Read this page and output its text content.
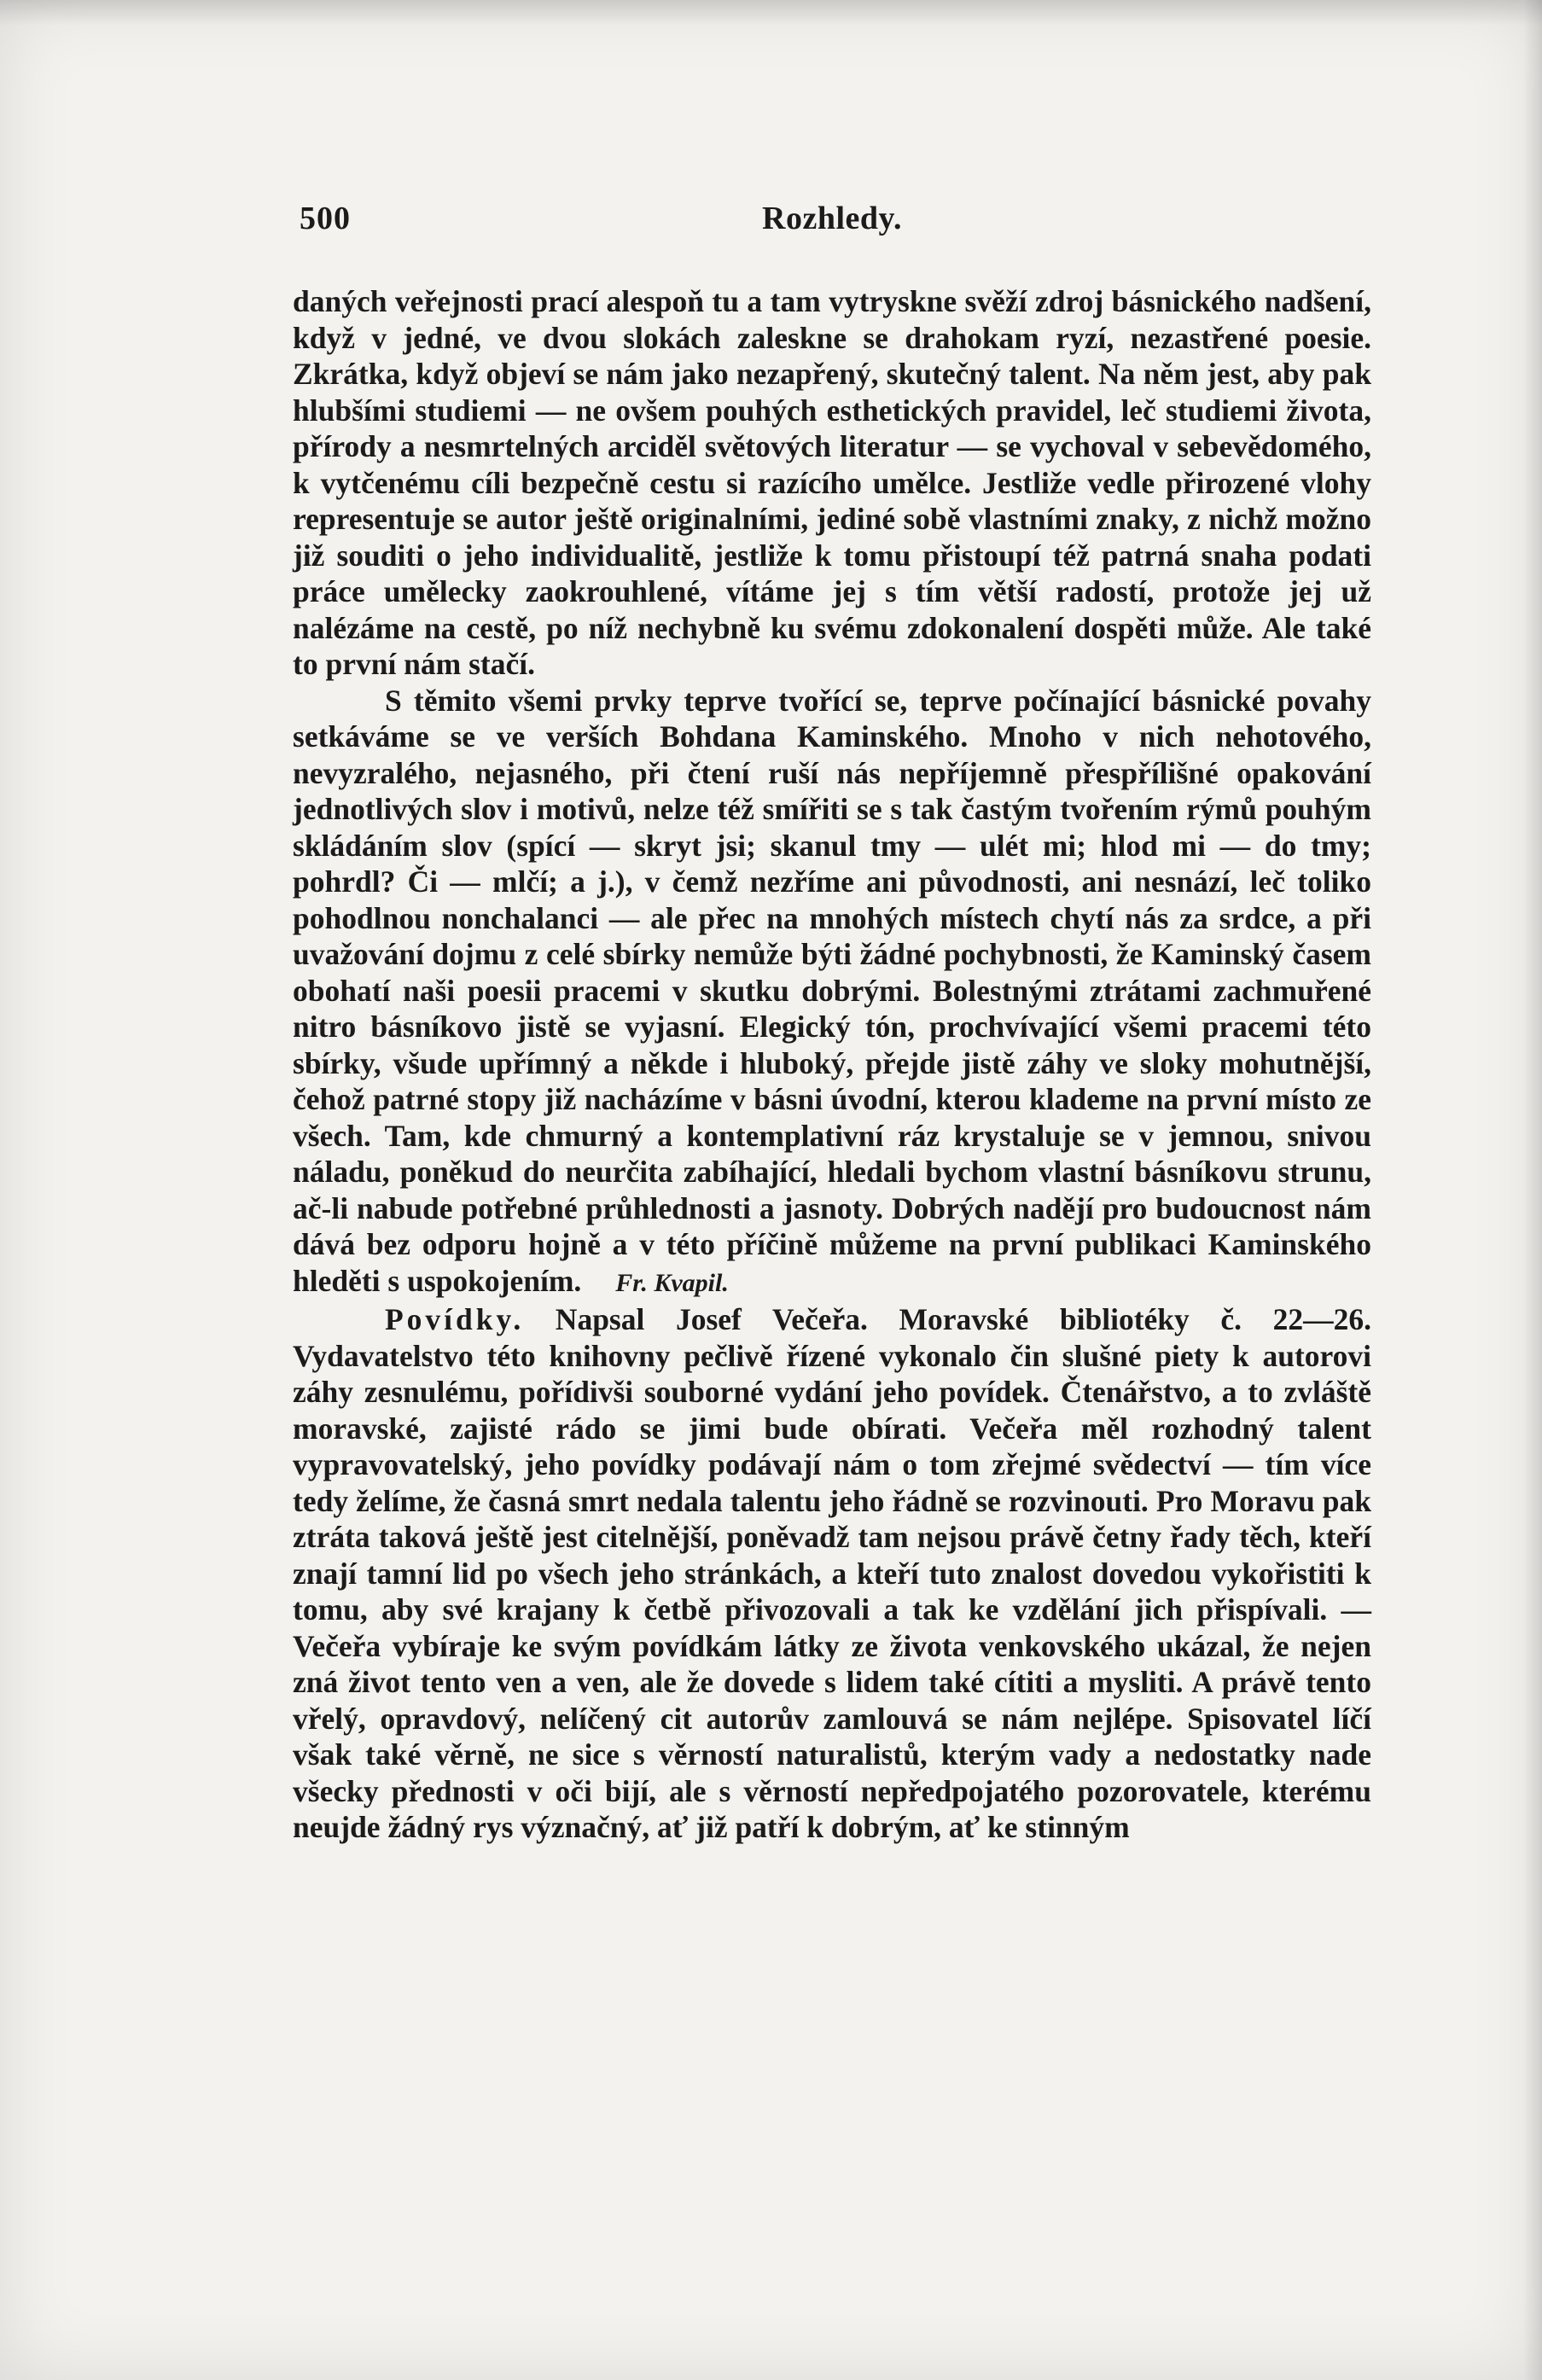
500	Rozhledy.

daných veřejnosti prací alespoň tu a tam vytryskne svěží zdroj básnického nadšení, když v jedné, ve dvou slokách zaleskne se drahokam ryzí, nezastřené poesie. Zkrátka, když objeví se nám jako nezapřený, skutečný talent. Na něm jest, aby pak hlubšími studiemi — ne ovšem pouhých esthetických pravidel, leč studiemi života, přírody a nesmrtelných arciděl světových literatur — se vychoval v sebevědomého, k vytčenému cíli bezpečně cestu si razícího umělce. Jestliže vedle přirozené vlohy representuje se autor ještě originalními, jediné sobě vlastními znaky, z nichž možno již souditi o jeho individualitě, jestliže k tomu přistoupí též patrná snaha podati práce umělecky zaokrouhlené, vítáme jej s tím větší radostí, protože jej už nalézáme na cestě, po níž nechybně ku svému zdokonalení dospěti může. Ale také to první nám stačí.

S těmito všemi prvky teprve tvořící se, teprve počínající básnické povahy setkáváme se ve verších Bohdana Kaminského. Mnoho v nich nehotového, nevyzralého, nejasného, při čtení ruší nás nepříjemně přespřílišné opakování jednotlivých slov i motivů, nelze též smířiti se s tak častým tvořením rýmů pouhým skládáním slov (spící — skryt jsi; skanul tmy — ulét mi; hlod mi — do tmy; pohrdl? Či — mlčí; a j.), v čemž nezříme ani původnosti, ani nesnází, leč toliko pohodlnou nonchalanci — ale přec na mnohých místech chytí nás za srdce, a při uvažování dojmu z celé sbírky nemůže býti žádné pochybnosti, že Kaminský časem obohatí naši poesii pracemi v skutku dobrými. Bolestnými ztrátami zachmuřené nitro básníkovo jistě se vyjasní. Elegický tón, prochvívající všemi pracemi této sbírky, všude upřímný a někde i hluboký, přejde jistě záhy ve sloky mohutnější, čehož patrné stopy již nacházíme v básni úvodní, kterou klademe na první místo ze všech. Tam, kde chmurný a kontemplativní ráz krystaluje se v jemnou, snivou náladu, poněkud do neurčita zabíhající, hledali bychom vlastní básníkovu strunu, ač-li nabude potřebné průhlednosti a jasnoty. Dobrých nadějí pro budoucnost nám dává bez odporu hojně a v této příčině můžeme na první publikaci Kaminského hleděti s uspokojením. Fr. Kvapil.

Povídky. Napsal Josef Večeřa. Moravské bibliotéky č. 22—26. Vydavatelstvo této knihovny pečlivě řízené vykonalo čin slušné piety k autorovi záhy zesnulému, pořídivši souborné vydání jeho povídek. Čtenářstvo, a to zvláště moravské, zajisté rádo se jimi bude obírati. Večeřa měl rozhodný talent vypravovatelský, jeho povídky podávají nám o tom zřejmé svědectví — tím více tedy želíme, že časná smrt nedala talentu jeho řádně se rozvinouti. Pro Moravu pak ztráta taková ještě jest citelnější, poněvadž tam nejsou právě četny řady těch, kteří znají tamní lid po všech jeho stránkách, a kteří tuto znalost dovedou vykořistiti k tomu, aby své krajany k četbě přivozovali a tak ke vzdělání jich přispívali. — Večeřa vybíraje ke svým povídkám látky ze života venkovského ukázal, že nejen zná život tento ven a ven, ale že dovede s lidem také cítiti a mysliti. A právě tento vřelý, opravdový, nelíčený cit autorův zamlouvá se nám nejlépe. Spisovatel líčí však také věrně, ne sice s věrností naturalistů, kterým vady a nedostatky nade všecky přednosti v oči bijí, ale s věrností nepředpojatého pozorovatele, kterému neujde žádný rys význačný, ať již patří k dobrým, ať ke stinným
